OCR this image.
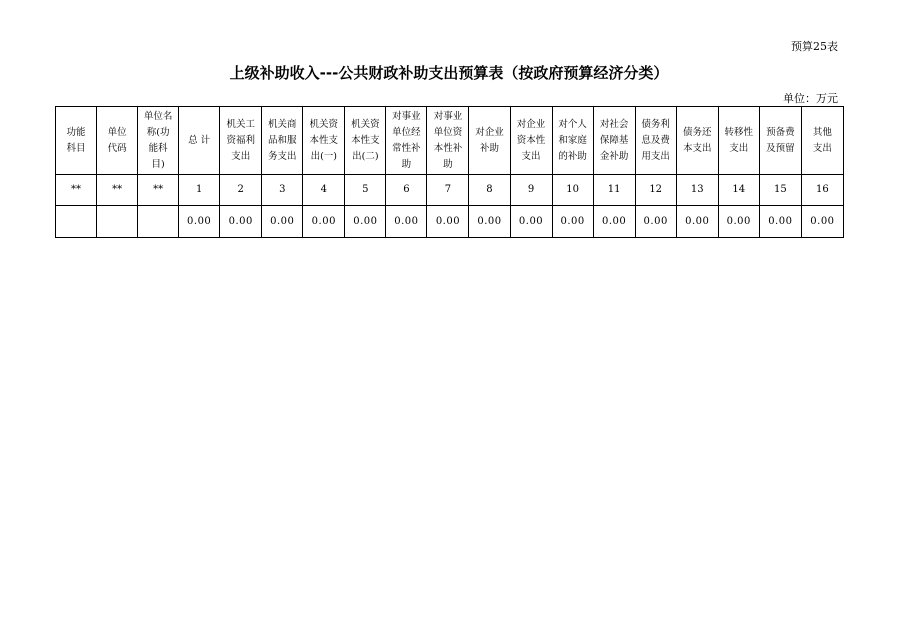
预算25表
上级补助收入---公共财政补助支出预算表（按政府预算经济分类）
单位：万元
功能
科目	单位
代码	单位名
称(功
能科
目)	总 计	机关工
资福利
支出	机关商
品和服
务支出	机关资
本性支
出(一)	机关资
本性支
出(二)	对事业
单位经
常性补
助	对事业
单位资
本性补
助	对企业
补助	对企业
资本性
支出	对个人
和家庭
的补助	对社会
保障基
金补助	债务利
息及费
用支出	债务还
本支出	转移性
支出	预备费
及预留	其他
支出
**	**	**	1	2	3	4	5	6	7	8	9	10	11	12	13	14	15	16
			0.00	0.00	0.00	0.00	0.00	0.00	0.00	0.00	0.00	0.00	0.00	0.00	0.00	0.00	0.00	0.00
